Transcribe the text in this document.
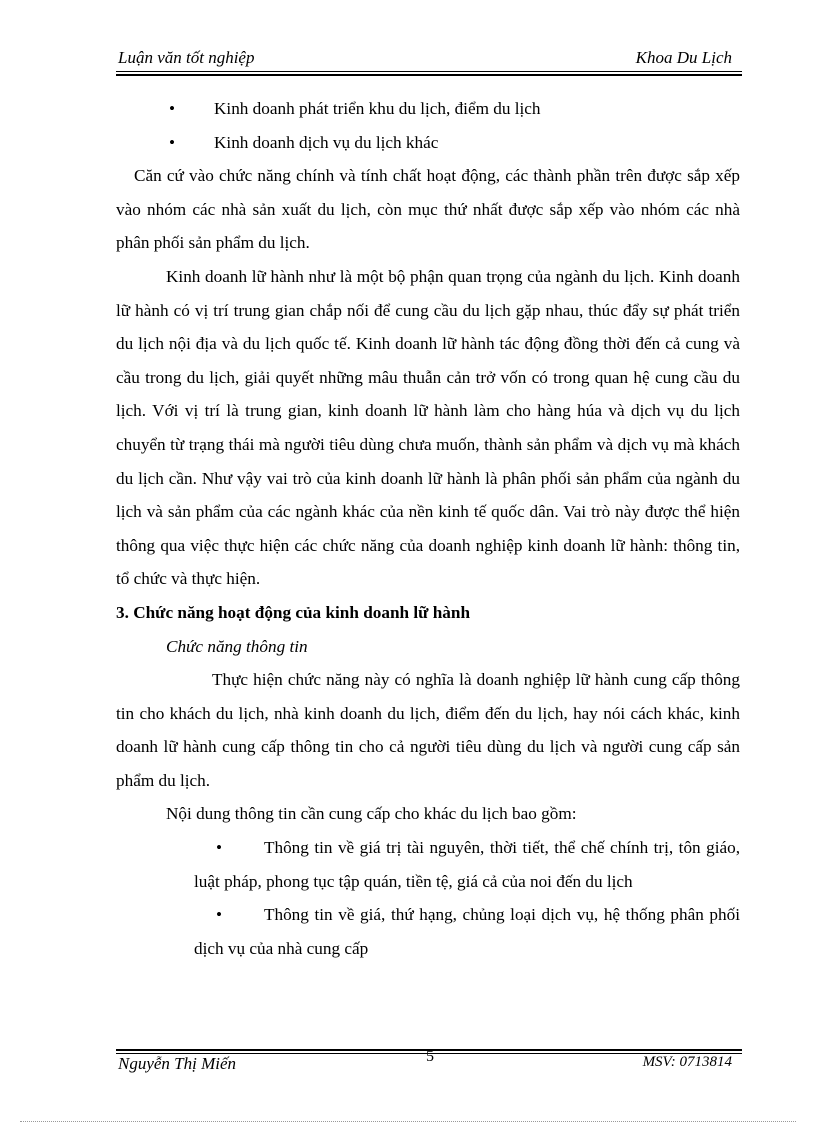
Luận văn tốt nghiệp	Khoa Du Lịch

• Kinh doanh phát triển khu du lịch, điểm du lịch

• Kinh doanh dịch vụ du lịch khác

Căn cứ vào chức năng chính và tính chất hoạt động, các thành phần trên được sắp xếp vào nhóm các nhà sản xuất du lịch, còn mục thứ nhất được sắp xếp vào nhóm các nhà phân phối sản phẩm du lịch.

Kinh doanh lữ hành như là một bộ phận quan trọng của ngành du lịch. Kinh doanh lữ hành có vị trí trung gian chắp nối để cung cầu du lịch gặp nhau, thúc đẩy sự phát triển du lịch nội địa và du lịch quốc tế. Kinh doanh lữ hành tác động đồng thời đến cả cung và cầu trong du lịch, giải quyết những mâu thuẫn cản trở vốn có trong quan hệ cung cầu du lịch. Với vị trí là trung gian, kinh doanh lữ hành làm cho hàng húa và dịch vụ du lịch chuyển từ trạng thái mà người tiêu dùng chưa muốn, thành sản phẩm và dịch vụ mà khách du lịch cần. Như vậy vai trò của kinh doanh lữ hành là phân phối sản phẩm của ngành du lịch và sản phẩm của các ngành khác của nền kinh tế quốc dân. Vai trò này được thể hiện thông qua việc thực hiện các chức năng của doanh nghiệp kinh doanh lữ hành: thông tin, tổ chức và thực hiện.

3. Chức năng hoạt động của kinh doanh lữ hành

Chức năng thông tin

Thực hiện chức năng này có nghĩa là doanh nghiệp lữ hành cung cấp thông tin cho khách du lịch, nhà kinh doanh du lịch, điểm đến du lịch, hay nói cách khác, kinh doanh lữ hành cung cấp thông tin cho cả người tiêu dùng du lịch và người cung cấp sản phẩm du lịch.

Nội dung thông tin cần cung cấp cho khác du lịch bao gồm:

•	Thông tin về giá trị tài nguyên, thời tiết, thể chế chính trị, tôn giáo, luật pháp, phong tục tập quán, tiền tệ, giá cả của noi đến du lịch

•	Thông tin về giá, thứ hạng, chủng loại dịch vụ, hệ thống phân phối dịch vụ của nhà cung cấp

Nguyễn Thị Miến	5	MSV: 0713814
